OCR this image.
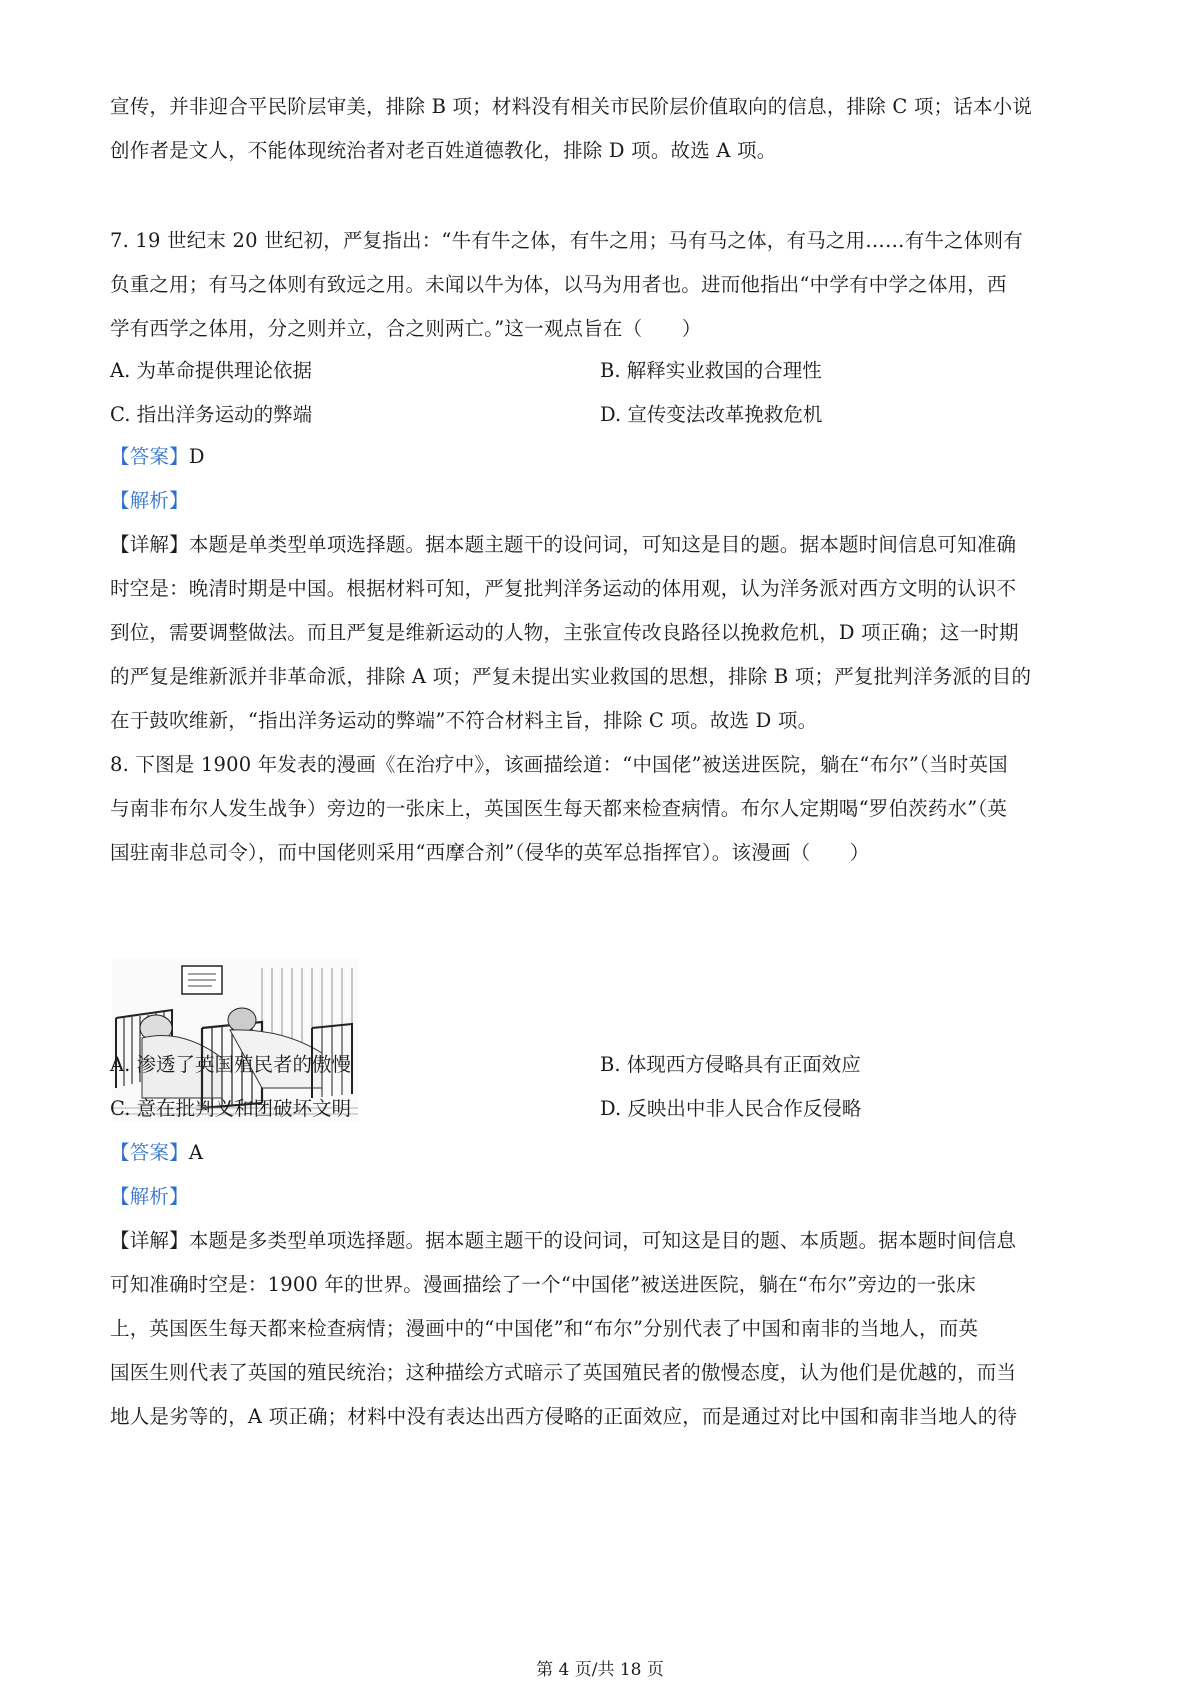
宣传，并非迎合平民阶层审美，排除 B 项；材料没有相关市民阶层价值取向的信息，排除 C 项；话本小说
创作者是文人，不能体现统治者对老百姓道德教化，排除 D 项。故选 A 项。
7. 19 世纪末 20 世纪初，严复指出：“牛有牛之体，有牛之用；马有马之体，有马之用……有牛之体则有
负重之用；有马之体则有致远之用。未闻以牛为体，以马为用者也。进而他指出“中学有中学之体用，西
学有西学之体用，分之则并立，合之则两亡。”这一观点旨在（　　）
A. 为革命提供理论依据	B. 解释实业救国的合理性
C. 指出洋务运动的弊端	D. 宣传变法改革挽救危机
【答案】D
【解析】
【详解】本题是单类型单项选择题。据本题主题干的设问词，可知这是目的题。据本题时间信息可知准确
时空是：晚清时期是中国。根据材料可知，严复批判洋务运动的体用观，认为洋务派对西方文明的认识不
到位，需要调整做法。而且严复是维新运动的人物，主张宣传改良路径以挽救危机，D 项正确；这一时期
的严复是维新派并非革命派，排除 A 项；严复未提出实业救国的思想，排除 B 项；严复批判洋务派的目的
在于鼓吹维新，“指出洋务运动的弊端”不符合材料主旨，排除 C 项。故选 D 项。
8. 下图是 1900 年发表的漫画《在治疗中》，该画描绘道：“中国佬”被送进医院，躺在“布尔”（当时英国
与南非布尔人发生战争）旁边的一张床上，英国医生每天都来检查病情。布尔人定期喝“罗伯茨药水”（英
国驻南非总司令），而中国佬则采用“西摩合剂”（侵华的英军总指挥官）。该漫画（　　）
A. 渗透了英国殖民者的傲慢	B. 体现西方侵略具有正面效应
C. 意在批判义和团破坏文明	D. 反映出中非人民合作反侵略
【答案】A
【解析】
【详解】本题是多类型单项选择题。据本题主题干的设问词，可知这是目的题、本质题。据本题时间信息
可知准确时空是：1900 年的世界。漫画描绘了一个“中国佬”被送进医院，躺在“布尔”旁边的一张床
上，英国医生每天都来检查病情；漫画中的“中国佬”和“布尔”分别代表了中国和南非的当地人，而英
国医生则代表了英国的殖民统治；这种描绘方式暗示了英国殖民者的傲慢态度，认为他们是优越的，而当
地人是劣等的，A 项正确；材料中没有表达出西方侵略的正面效应，而是通过对比中国和南非当地人的待
第 4 页/共 18 页
